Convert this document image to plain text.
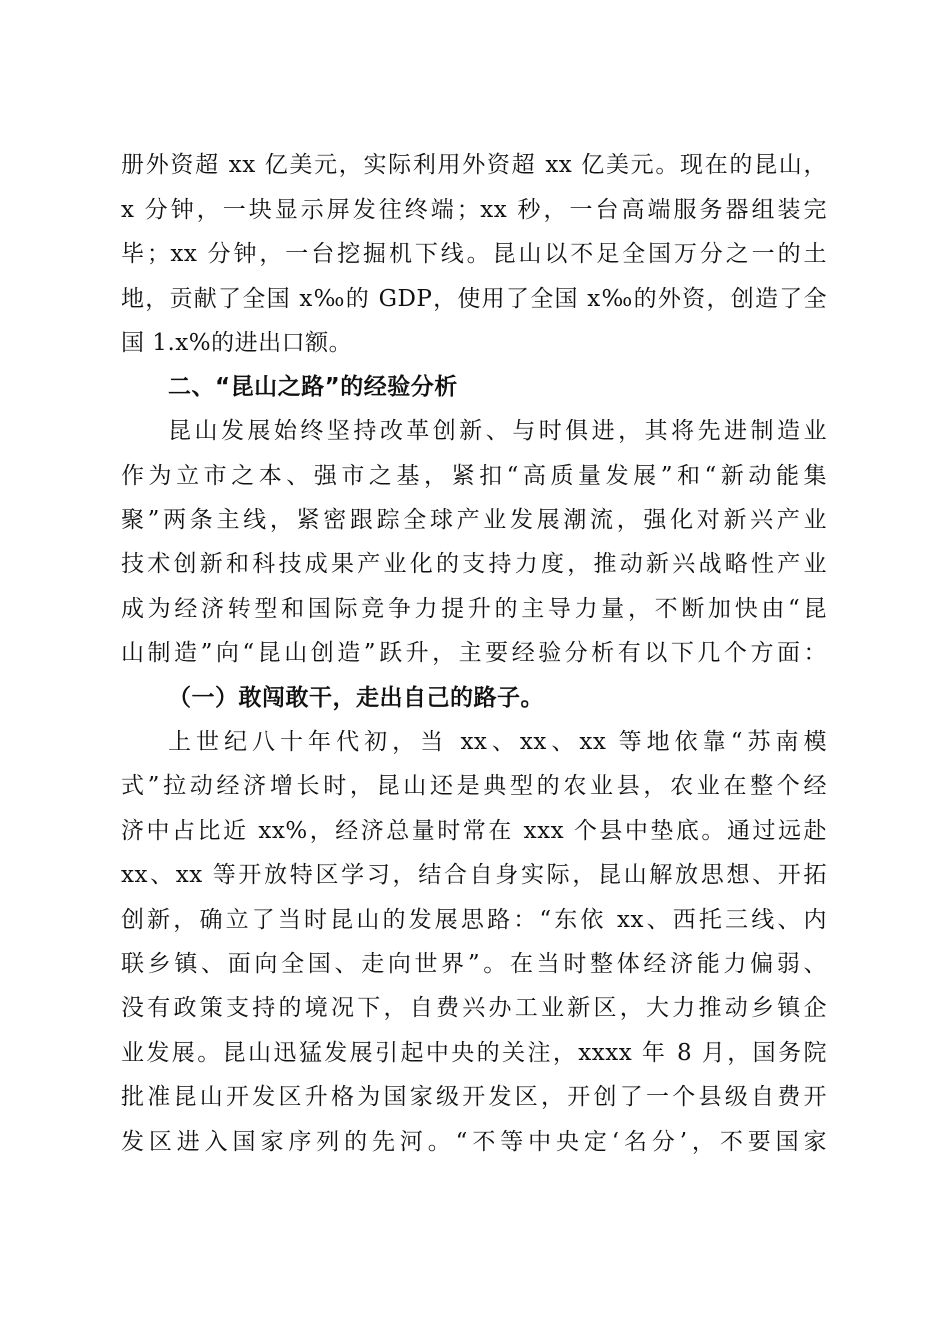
册外资超 xx 亿美元，实际利用外资超 xx 亿美元。现在的昆山，
x 分钟，一块显示屏发往终端；xx 秒，一台高端服务器组装完
毕；xx 分钟，一台挖掘机下线。昆山以不足全国万分之一的土
地，贡献了全国 x‰的 GDP，使用了全国 x‰的外资，创造了全
国 1.x%的进出口额。
二、“昆山之路”的经验分析
昆山发展始终坚持改革创新、与时俱进，其将先进制造业
作为立市之本、强市之基，紧扣“高质量发展”和“新动能集
聚”两条主线，紧密跟踪全球产业发展潮流，强化对新兴产业
技术创新和科技成果产业化的支持力度，推动新兴战略性产业
成为经济转型和国际竞争力提升的主导力量，不断加快由“昆
山制造”向“昆山创造”跃升，主要经验分析有以下几个方面：
（一）敢闯敢干，走出自己的路子。
上世纪八十年代初，当 xx、xx、xx 等地依靠“苏南模
式”拉动经济增长时，昆山还是典型的农业县，农业在整个经
济中占比近 xx%，经济总量时常在 xxx 个县中垫底。通过远赴
xx、xx 等开放特区学习，结合自身实际，昆山解放思想、开拓
创新，确立了当时昆山的发展思路：“东依 xx、西托三线、内
联乡镇、面向全国、走向世界”。在当时整体经济能力偏弱、
没有政策支持的境况下，自费兴办工业新区，大力推动乡镇企
业发展。昆山迅猛发展引起中央的关注，xxxx 年 8 月，国务院
批准昆山开发区升格为国家级开发区，开创了一个县级自费开
发区进入国家序列的先河。“不等中央定‘名分’，不要国家
